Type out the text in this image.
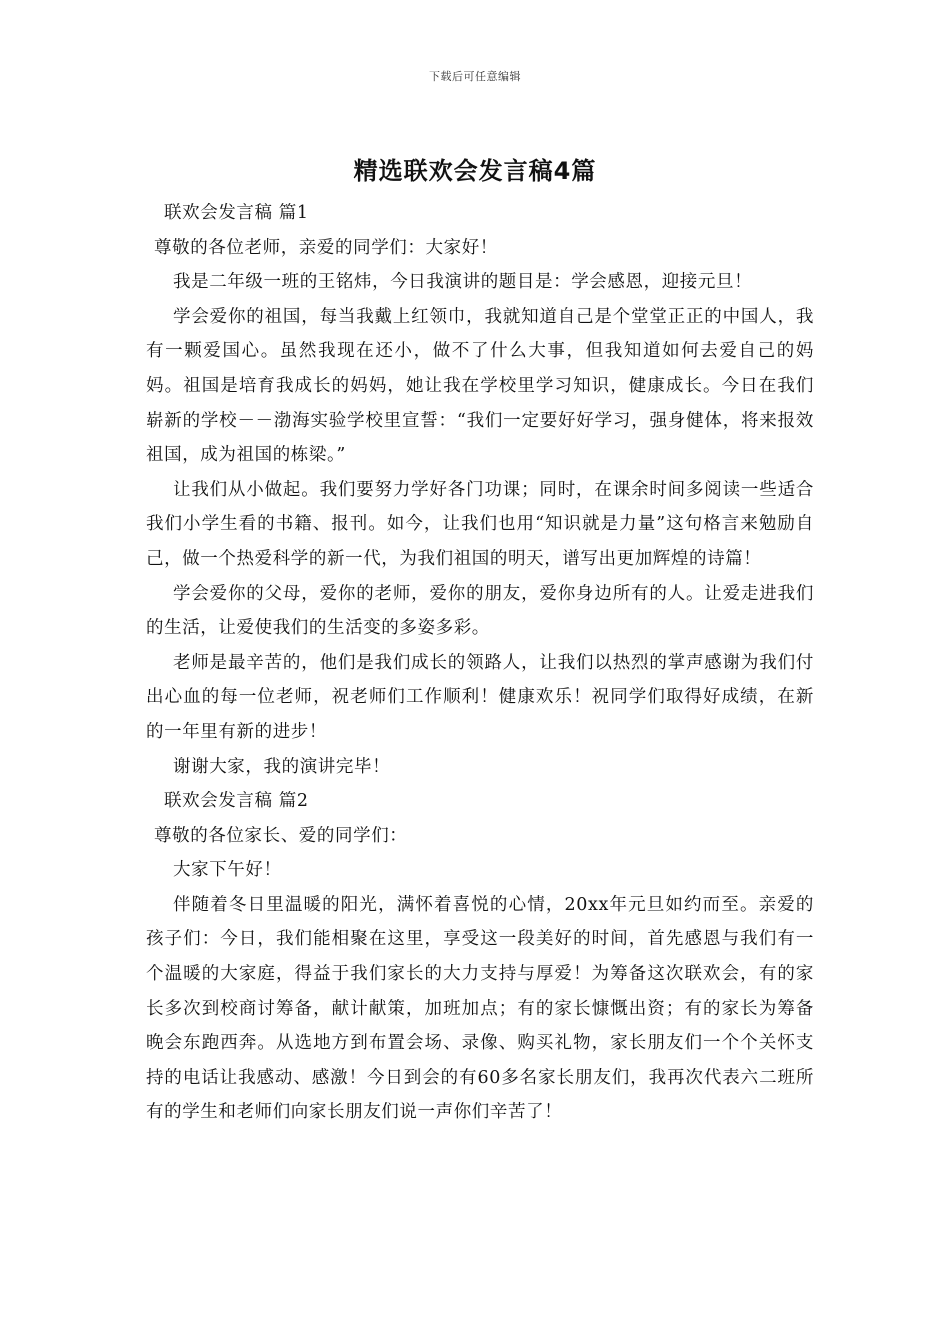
下载后可任意编辑
精选联欢会发言稿4篇

联欢会发言稿 篇1

尊敬的各位老师，亲爱的同学们：大家好！

我是二年级一班的王铭炜，今日我演讲的题目是：学会感恩，迎接元旦！

学会爱你的祖国，每当我戴上红领巾，我就知道自己是个堂堂正正的中国人，我有一颗爱国心。虽然我现在还小，做不了什么大事，但我知道如何去爱自己的妈妈。祖国是培育我成长的妈妈，她让我在学校里学习知识，健康成长。今日在我们崭新的学校－－渤海实验学校里宣誓：“我们一定要好好学习，强身健体，将来报效祖国，成为祖国的栋梁。”

让我们从小做起。我们要努力学好各门功课；同时，在课余时间多阅读一些适合我们小学生看的书籍、报刊。如今，让我们也用“知识就是力量”这句格言来勉励自己，做一个热爱科学的新一代，为我们祖国的明天，谱写出更加辉煌的诗篇！

学会爱你的父母，爱你的老师，爱你的朋友，爱你身边所有的人。让爱走进我们的生活，让爱使我们的生活变的多姿多彩。

老师是最辛苦的，他们是我们成长的领路人，让我们以热烈的掌声感谢为我们付出心血的每一位老师，祝老师们工作顺利！健康欢乐！祝同学们取得好成绩，在新的一年里有新的进步！

谢谢大家，我的演讲完毕！

联欢会发言稿 篇2

尊敬的各位家长、爱的同学们：

大家下午好！

伴随着冬日里温暖的阳光，满怀着喜悦的心情，20xx年元旦如约而至。亲爱的孩子们：今日，我们能相聚在这里，享受这一段美好的时间，首先感恩与我们有一个温暖的大家庭，得益于我们家长的大力支持与厚爱！为筹备这次联欢会，有的家长多次到校商讨筹备，献计献策，加班加点；有的家长慷慨出资；有的家长为筹备晚会东跑西奔。从选地方到布置会场、录像、购买礼物，家长朋友们一个个关怀支持的电话让我感动、感激！今日到会的有60多名家长朋友们，我再次代表六二班所有的学生和老师们向家长朋友们说一声你们辛苦了！
